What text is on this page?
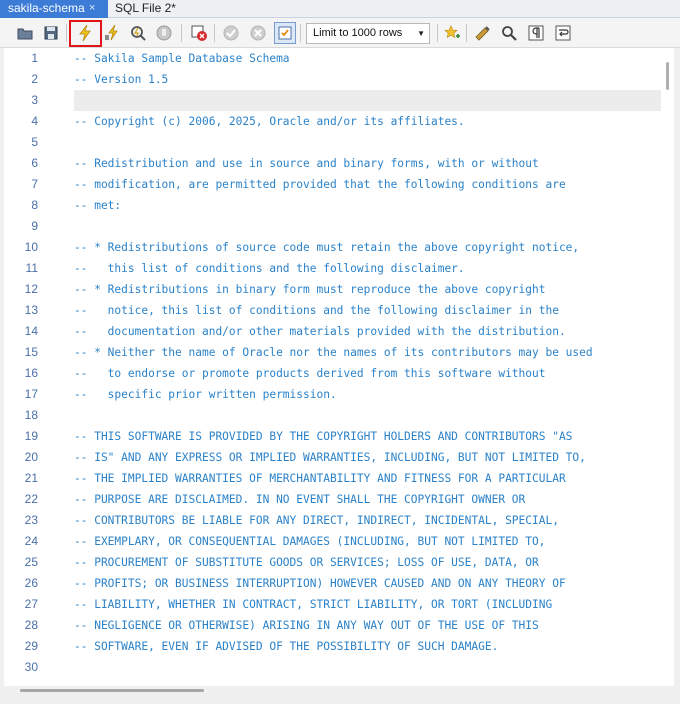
sakila-schema ×	SQL File 2*
Limit to 1000 rows ▼
1	-- Sakila Sample Database Schema
2	-- Version 1.5
3
4	-- Copyright (c) 2006, 2025, Oracle and/or its affiliates.
5
6	-- Redistribution and use in source and binary forms, with or without
7	-- modification, are permitted provided that the following conditions are
8	-- met:
9
10	-- * Redistributions of source code must retain the above copyright notice,
11	--   this list of conditions and the following disclaimer.
12	-- * Redistributions in binary form must reproduce the above copyright
13	--   notice, this list of conditions and the following disclaimer in the
14	--   documentation and/or other materials provided with the distribution.
15	-- * Neither the name of Oracle nor the names of its contributors may be used
16	--   to endorse or promote products derived from this software without
17	--   specific prior written permission.
18
19	-- THIS SOFTWARE IS PROVIDED BY THE COPYRIGHT HOLDERS AND CONTRIBUTORS "AS
20	-- IS" AND ANY EXPRESS OR IMPLIED WARRANTIES, INCLUDING, BUT NOT LIMITED TO,
21	-- THE IMPLIED WARRANTIES OF MERCHANTABILITY AND FITNESS FOR A PARTICULAR
22	-- PURPOSE ARE DISCLAIMED. IN NO EVENT SHALL THE COPYRIGHT OWNER OR
23	-- CONTRIBUTORS BE LIABLE FOR ANY DIRECT, INDIRECT, INCIDENTAL, SPECIAL,
24	-- EXEMPLARY, OR CONSEQUENTIAL DAMAGES (INCLUDING, BUT NOT LIMITED TO,
25	-- PROCUREMENT OF SUBSTITUTE GOODS OR SERVICES; LOSS OF USE, DATA, OR
26	-- PROFITS; OR BUSINESS INTERRUPTION) HOWEVER CAUSED AND ON ANY THEORY OF
27	-- LIABILITY, WHETHER IN CONTRACT, STRICT LIABILITY, OR TORT (INCLUDING
28	-- NEGLIGENCE OR OTHERWISE) ARISING IN ANY WAY OUT OF THE USE OF THIS
29	-- SOFTWARE, EVEN IF ADVISED OF THE POSSIBILITY OF SUCH DAMAGE.
30
